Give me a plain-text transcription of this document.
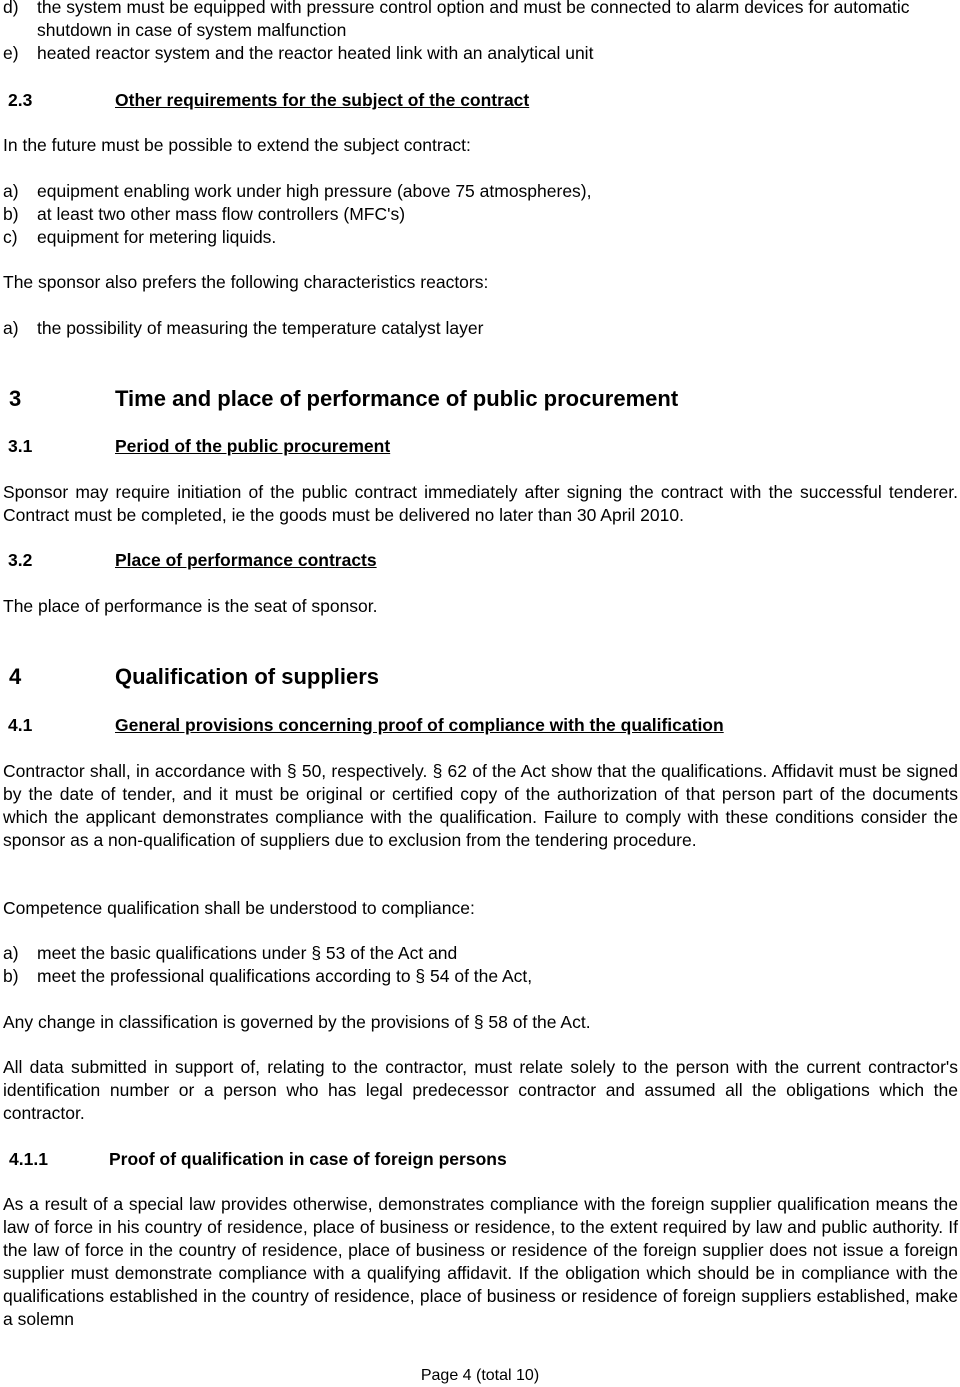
d)	the system must be equipped with pressure control option and must be connected to alarm devices for automatic shutdown in case of system malfunction
e)	heated reactor system and the reactor heated link with an analytical unit
2.3	Other requirements for the subject of the contract

In the future must be possible to extend the subject contract:

a)	equipment enabling work under high pressure (above 75 atmospheres),
b)	at least two other mass flow controllers (MFC's)
c)	equipment for metering liquids.

The sponsor also prefers the following characteristics reactors:

a)	the possibility of measuring the temperature catalyst layer
3	Time and place of performance of public procurement
3.1	Period of the public procurement

Sponsor may require initiation of the public contract immediately after signing the contract with the successful tenderer. Contract must be completed, ie the goods must be delivered no later than 30 April 2010.

3.2	Place of performance contracts

The place of performance is the seat of sponsor.

4	Qualification of suppliers
4.1	General provisions concerning proof of compliance with the qualification

Contractor shall, in accordance with § 50, respectively. § 62 of the Act show that the qualifications. Affidavit must be signed by the date of tender, and it must be original or certified copy of the authorization of that person part of the documents which the applicant demonstrates compliance with the qualification. Failure to comply with these conditions consider the sponsor as a non-qualification of suppliers due to exclusion from the tendering procedure.

Competence qualification shall be understood to compliance:

a)	meet the basic qualifications under § 53 of the Act and
b)	meet the professional qualifications according to § 54 of the Act,

Any change in classification is governed by the provisions of § 58 of the Act.

All data submitted in support of, relating to the contractor, must relate solely to the person with the current contractor's identification number or a person who has legal predecessor contractor and assumed all the obligations which the contractor.

4.1.1	Proof of qualification in case of foreign persons

As a result of a special law provides otherwise, demonstrates compliance with the foreign supplier qualification means the law of force in his country of residence, place of business or residence, to the extent required by law and public authority. If the law of force in the country of residence, place of business or residence of the foreign supplier does not issue a foreign supplier must demonstrate compliance with a qualifying affidavit. If the obligation which should be in compliance with the qualifications established in the country of residence, place of business or residence of foreign suppliers established, make a solemn

Page 4 (total 10)
